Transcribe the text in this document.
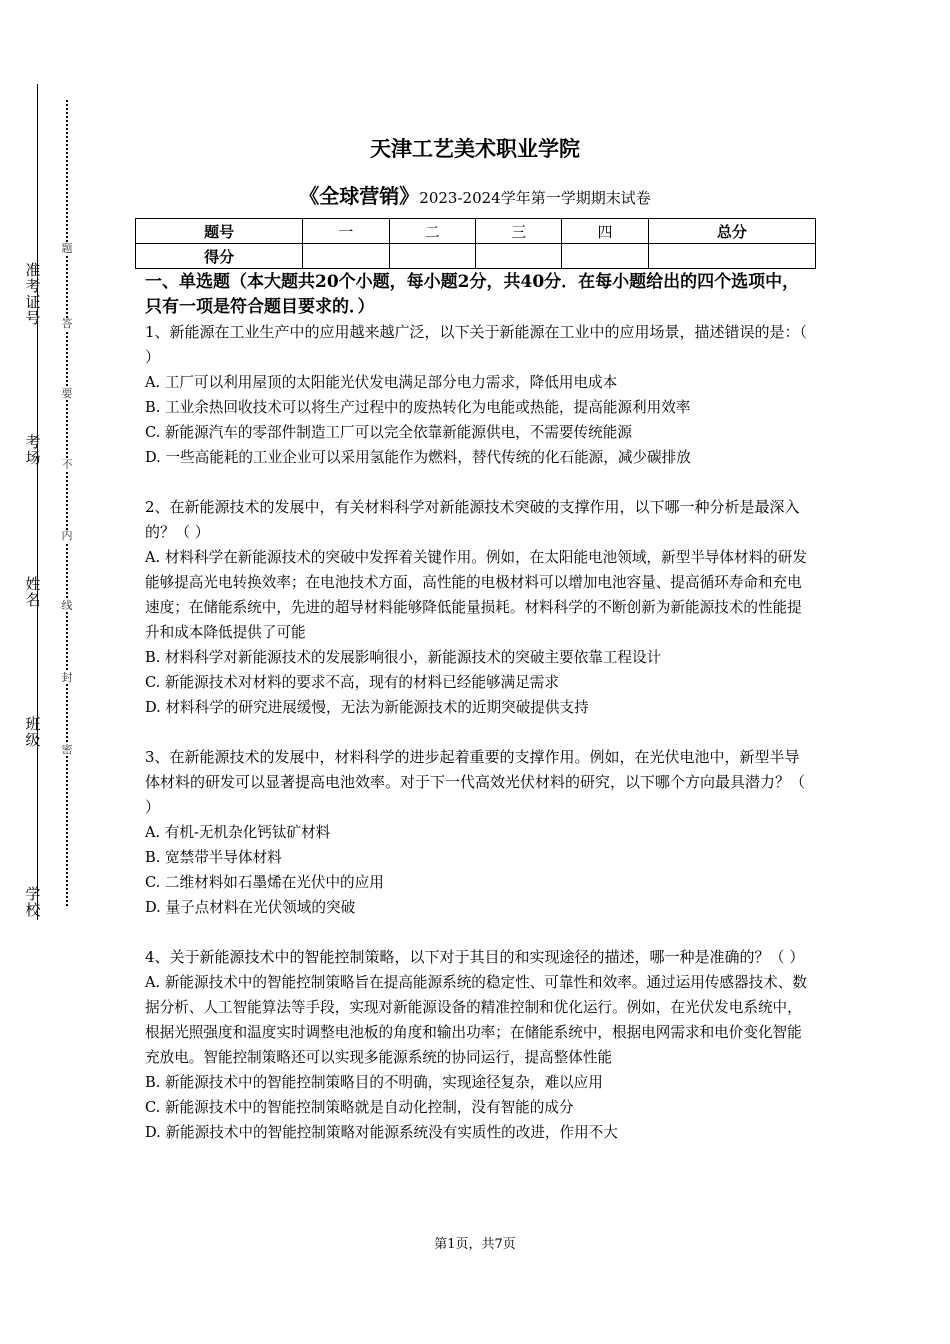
准考证号
考场
姓名
班级
学校
题
答
要
不
内
线
封
密
天津工艺美术职业学院
《全球营销》2023-2024学年第一学期期末试卷
题号	一	二	三	四	总分
得分					

一、单选题（本大题共20个小题，每小题2分，共40分．在每小题给出的四个选项中，只有一项是符合题目要求的．）

1、新能源在工业生产中的应用越来越广泛，以下关于新能源在工业中的应用场景，描述错误的是：（ ）

A. 工厂可以利用屋顶的太阳能光伏发电满足部分电力需求，降低用电成本

B. 工业余热回收技术可以将生产过程中的废热转化为电能或热能，提高能源利用效率

C. 新能源汽车的零部件制造工厂可以完全依靠新能源供电，不需要传统能源

D. 一些高能耗的工业企业可以采用氢能作为燃料，替代传统的化石能源，减少碳排放

2、在新能源技术的发展中，有关材料科学对新能源技术突破的支撑作用，以下哪一种分析是最深入的？（ ）

A. 材料科学在新能源技术的突破中发挥着关键作用。例如，在太阳能电池领域，新型半导体材料的研发能够提高光电转换效率；在电池技术方面，高性能的电极材料可以增加电池容量、提高循环寿命和充电速度；在储能系统中，先进的超导材料能够降低能量损耗。材料科学的不断创新为新能源技术的性能提升和成本降低提供了可能

B. 材料科学对新能源技术的发展影响很小，新能源技术的突破主要依靠工程设计

C. 新能源技术对材料的要求不高，现有的材料已经能够满足需求

D. 材料科学的研究进展缓慢，无法为新能源技术的近期突破提供支持

3、在新能源技术的发展中，材料科学的进步起着重要的支撑作用。例如，在光伏电池中，新型半导体材料的研发可以显著提高电池效率。对于下一代高效光伏材料的研究，以下哪个方向最具潜力？（ ）

A. 有机-无机杂化钙钛矿材料

B. 宽禁带半导体材料

C. 二维材料如石墨烯在光伏中的应用

D. 量子点材料在光伏领域的突破

4、关于新能源技术中的智能控制策略，以下对于其目的和实现途径的描述，哪一种是准确的？（ ）

A. 新能源技术中的智能控制策略旨在提高能源系统的稳定性、可靠性和效率。通过运用传感器技术、数据分析、人工智能算法等手段，实现对新能源设备的精准控制和优化运行。例如，在光伏发电系统中，根据光照强度和温度实时调整电池板的角度和输出功率；在储能系统中，根据电网需求和电价变化智能充放电。智能控制策略还可以实现多能源系统的协同运行，提高整体性能

B. 新能源技术中的智能控制策略目的不明确，实现途径复杂，难以应用

C. 新能源技术中的智能控制策略就是自动化控制，没有智能的成分

D. 新能源技术中的智能控制策略对能源系统没有实质性的改进，作用不大

第1页，共7页
